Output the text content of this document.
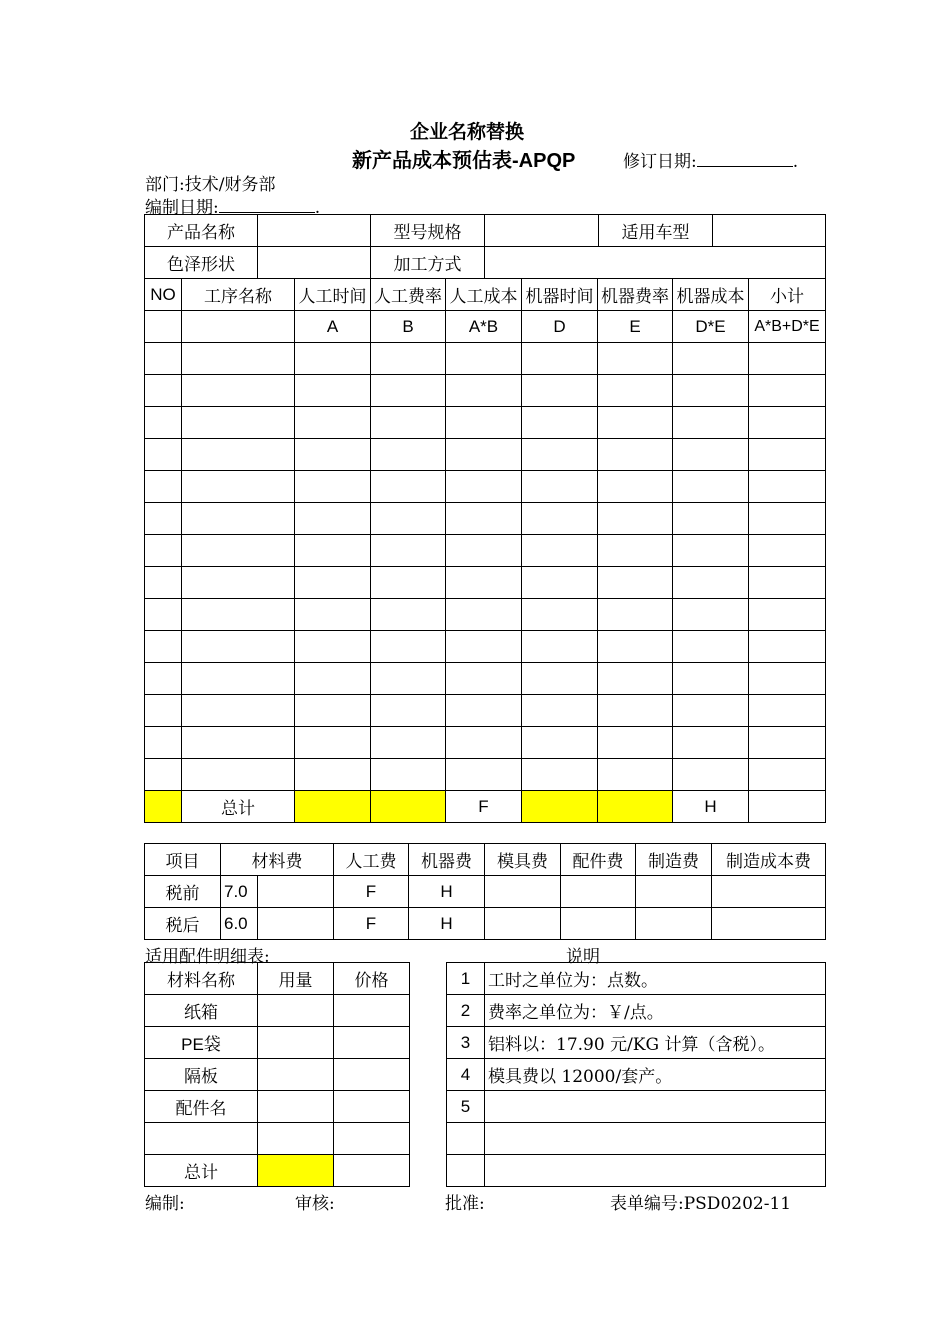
企业名称替换
新产品成本预估表-APQP	修订日期:	.
部门:技术/财务部
编制日期:	.
产品名称		型号规格		适用车型	
色泽形状		加工方式			
NO	工序名称	人工时间	人工费率	人工成本	机器时间	机器费率	机器成本	小计
		A	B	A*B	D	E	D*E	A*B+D*E

	总计			F			H	
项目	材料费		人工费	机器费	模具费	配件费	制造费	制造成本费
税前	7.0		F	H				
税后	6.0		F	H				
适用配件明细表:	说明
材料名称	用量	价格
纸箱		
PE袋		
隔板		
配件名		

总计		
1	工时之单位为：点数。
2	费率之单位为：￥/点。
3	铝料以：17.90 元/KG 计算（含税）。
4	模具费以 12000/套产。
5	

编制:	审核:	批准:	表单编号:PSD0202-11
